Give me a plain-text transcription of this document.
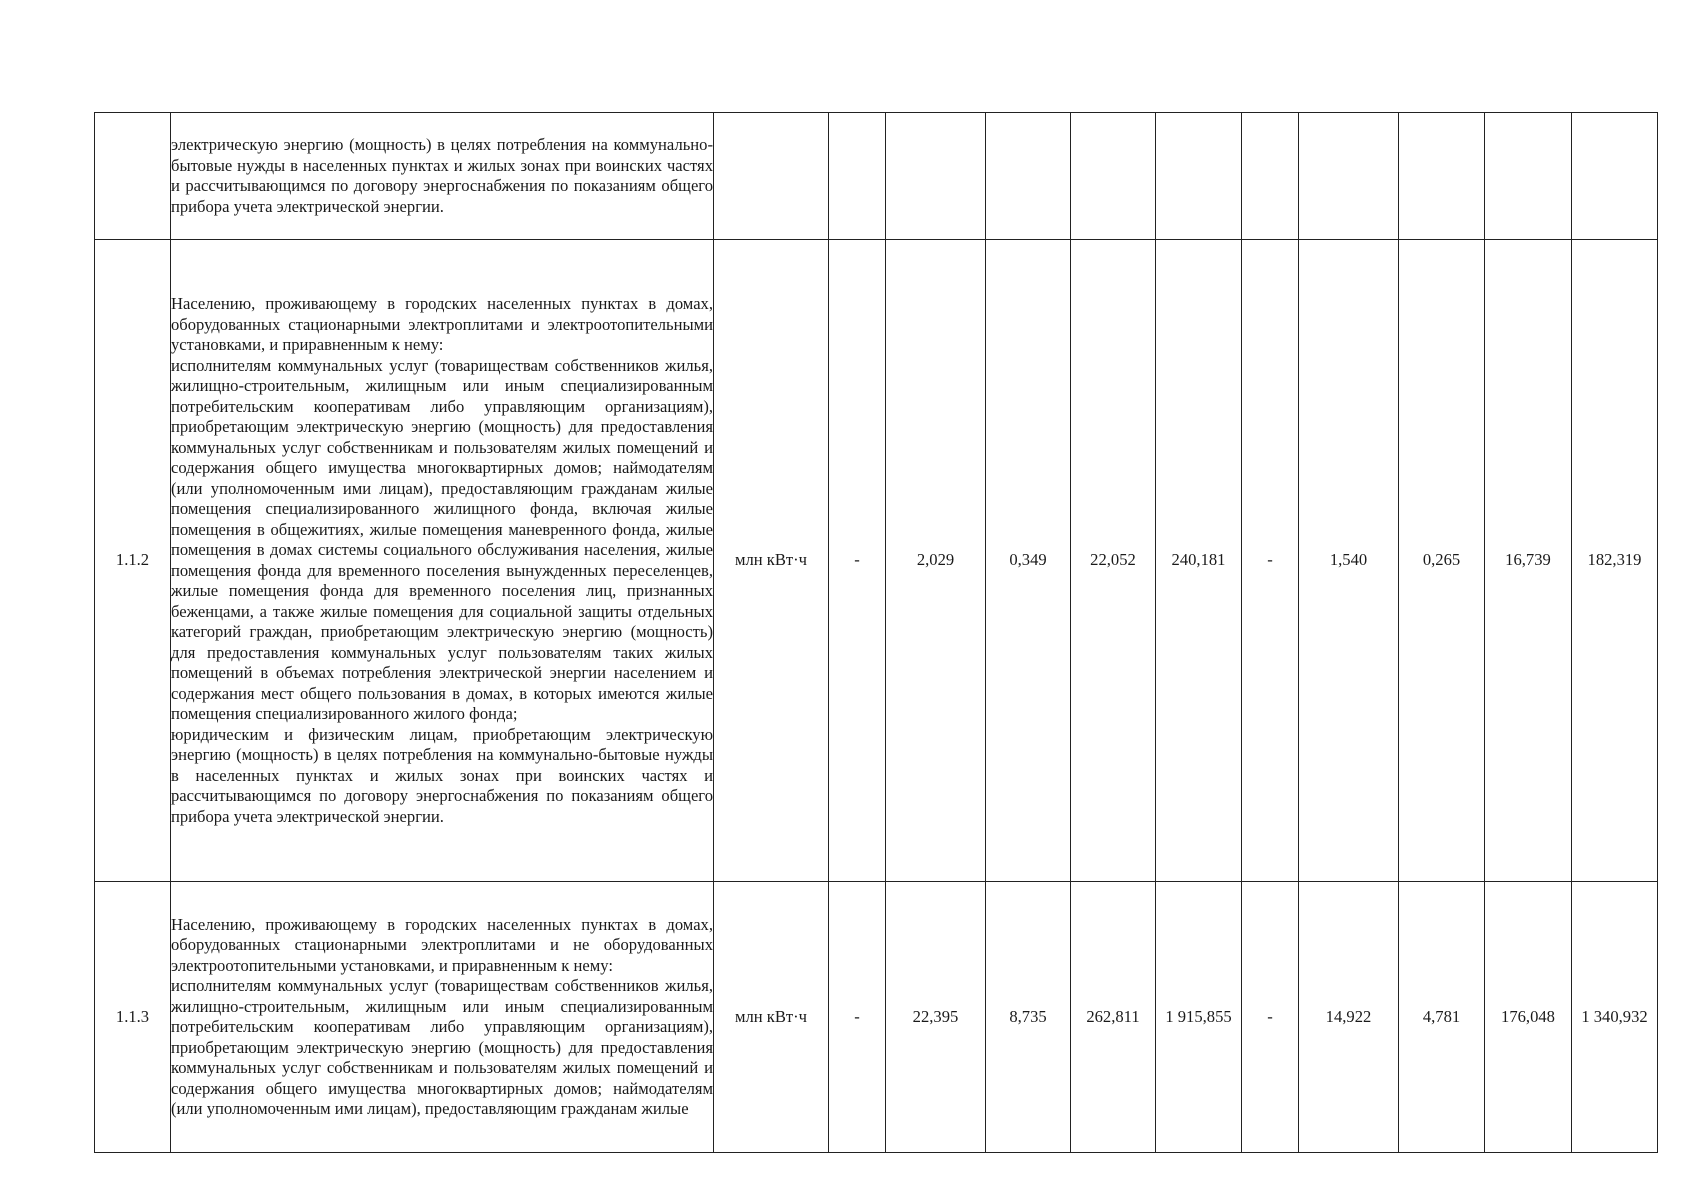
	электрическую энергию (мощность) в целях потребления на коммунально-бытовые нужды в населенных пунктах и жилых зонах при воинских частях и рассчитывающимся по договору энергоснабжения по показаниям общего прибора учета электрической энергии.											

1.1.2	Населению, проживающему в городских населенных пунктах в домах, оборудованных стационарными электроплитами и электроотопительными установками, и приравненным к нему:

исполнителям коммунальных услуг (товариществам собственников жилья, жилищно-строительным, жилищным или иным специализированным потребительским кооперативам либо управляющим организациям), приобретающим электрическую энергию (мощность) для предоставления коммунальных услуг собственникам и пользователям жилых помещений и содержания общего имущества многоквартирных домов; наймодателям (или уполномоченным ими лицам), предоставляющим гражданам жилые помещения специализированного жилищного фонда, включая жилые помещения в общежитиях, жилые помещения маневренного фонда, жилые помещения в домах системы социального обслуживания населения, жилые помещения фонда для временного поселения вынужденных переселенцев, жилые помещения фонда для временного поселения лиц, признанных беженцами, а также жилые помещения для социальной защиты отдельных категорий граждан, приобретающим электрическую энергию (мощность) для предоставления коммунальных услуг пользователям таких жилых помещений в объемах потребления электрической энергии населением и содержания мест общего пользования в домах, в которых имеются жилые помещения специализированного жилого фонда;

юридическим и физическим лицам, приобретающим электрическую энергию (мощность) в целях потребления на коммунально-бытовые нужды в населенных пунктах и жилых зонах при воинских частях и рассчитывающимся по договору энергоснабжения по показаниям общего прибора учета электрической энергии.	млн кВт·ч	-	2,029	0,349	22,052	240,181	-	1,540	0,265	16,739	182,319
1.1.3	Населению, проживающему в городских населенных пунктах в домах, оборудованных стационарными электроплитами и не оборудованных электроотопительными установками, и приравненным к нему:

исполнителям коммунальных услуг (товариществам собственников жилья, жилищно-строительным, жилищным или иным специализированным потребительским кооперативам либо управляющим организациям), приобретающим электрическую энергию (мощность) для предоставления коммунальных услуг собственникам и пользователям жилых помещений и содержания общего имущества многоквартирных домов; наймодателям (или уполномоченным ими лицам), предоставляющим гражданам жилые	млн кВт·ч	-	22,395	8,735	262,811	1 915,855	-	14,922	4,781	176,048	1 340,932
